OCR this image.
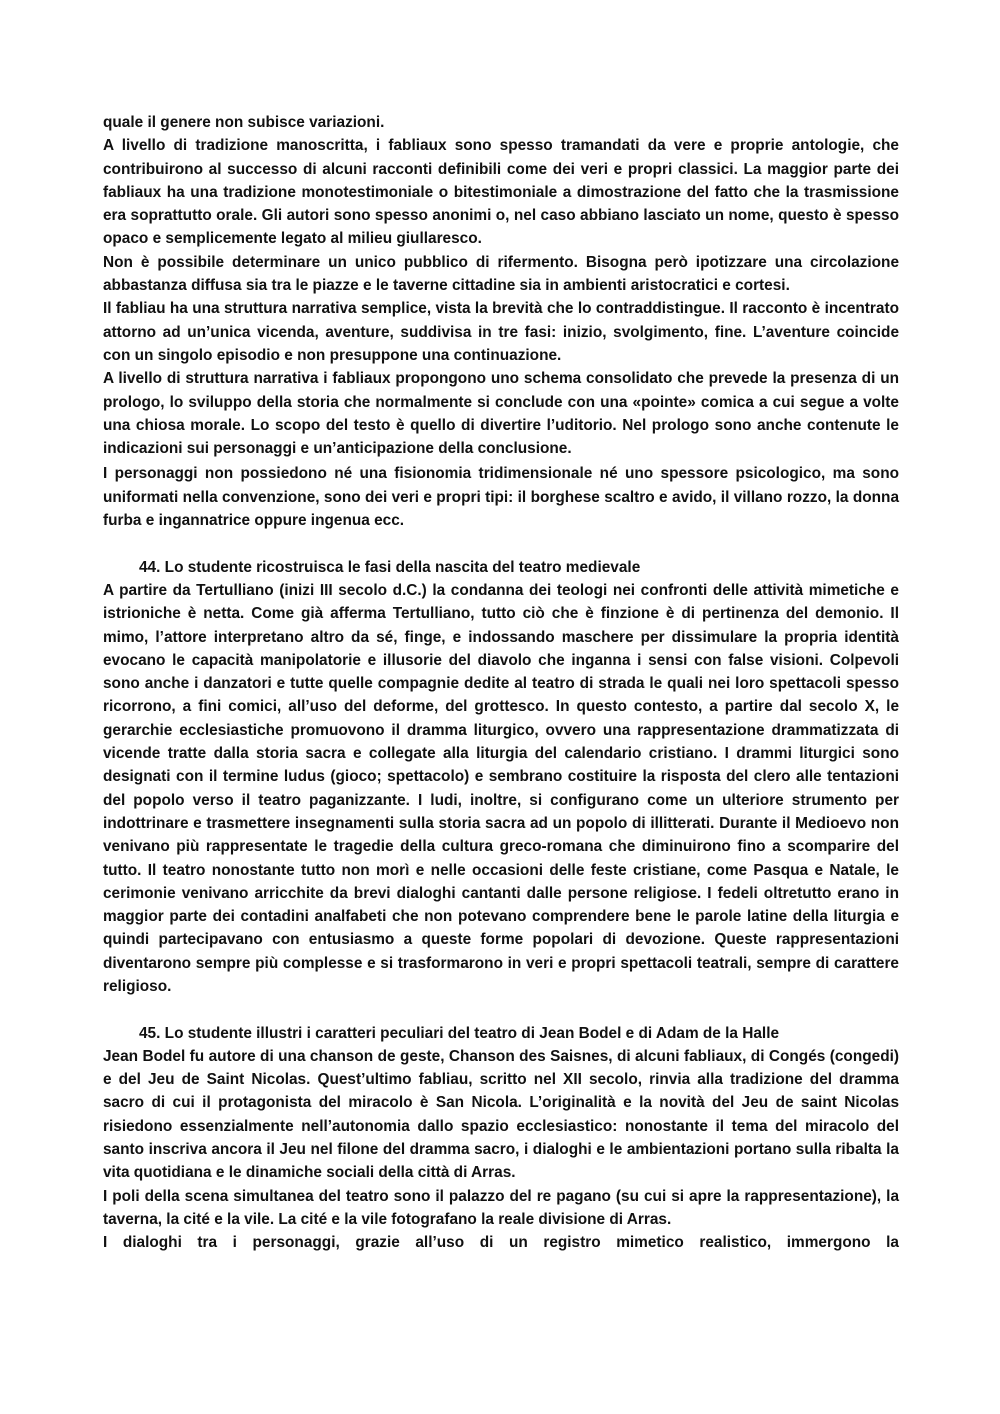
quale il genere non subisce variazioni.

A livello di tradizione manoscritta, i fabliaux sono spesso tramandati da vere e proprie antologie, che contribuirono al successo di alcuni racconti definibili come dei veri e propri classici. La maggior parte dei fabliaux ha una tradizione monotestimoniale o bitestimoniale a dimostrazione del fatto che la trasmissione era soprattutto orale. Gli autori sono spesso anonimi o, nel caso abbiano lasciato un nome, questo è spesso opaco e semplicemente legato al milieu giullaresco.

Non è possibile determinare un unico pubblico di rifermento. Bisogna però ipotizzare una circolazione abbastanza diffusa sia tra le piazze e le taverne cittadine sia in ambienti aristocratici e cortesi.

Il fabliau ha una struttura narrativa semplice, vista la brevità che lo contraddistingue. Il racconto è incentrato attorno ad un’unica vicenda, aventure, suddivisa in tre fasi: inizio, svolgimento, fine. L’aventure coincide con un singolo episodio e non presuppone una continuazione.

A livello di struttura narrativa i fabliaux propongono uno schema consolidato che prevede la presenza di un prologo, lo sviluppo della storia che normalmente si conclude con una «pointe» comica a cui segue a volte una chiosa morale. Lo scopo del testo è quello di divertire l’uditorio. Nel prologo sono anche contenute le indicazioni sui personaggi e un’anticipazione della conclusione.

I personaggi non possiedono né una fisionomia tridimensionale né uno spessore psicologico, ma sono uniformati nella convenzione, sono dei veri e propri tipi: il borghese scaltro e avido, il villano rozzo, la donna furba e ingannatrice oppure ingenua ecc.

44. Lo studente ricostruisca le fasi della nascita del teatro medievale

A partire da Tertulliano (inizi III secolo d.C.) la condanna dei teologi nei confronti delle attività mimetiche e istrioniche è netta. Come già afferma Tertulliano, tutto ciò che è finzione è di pertinenza del demonio. Il mimo, l’attore interpretano altro da sé, finge, e indossando maschere per dissimulare la propria identità evocano le capacità manipolatorie e illusorie del diavolo che inganna i sensi con false visioni. Colpevoli sono anche i danzatori e tutte quelle compagnie dedite al teatro di strada le quali nei loro spettacoli spesso ricorrono, a fini comici, all’uso del deforme, del grottesco. In questo contesto, a partire dal secolo X, le gerarchie ecclesiastiche promuovono il dramma liturgico, ovvero una rappresentazione drammatizzata di vicende tratte dalla storia sacra e collegate alla liturgia del calendario cristiano. I drammi liturgici sono designati con il termine ludus (gioco; spettacolo) e sembrano costituire la risposta del clero alle tentazioni del popolo verso il teatro paganizzante. I ludi, inoltre, si configurano come un ulteriore strumento per indottrinare e trasmettere insegnamenti sulla storia sacra ad un popolo di illitterati. Durante il Medioevo non venivano più rappresentate le tragedie della cultura greco-romana che diminuirono fino a scomparire del tutto. Il teatro nonostante tutto non morì e nelle occasioni delle feste cristiane, come Pasqua e Natale, le cerimonie venivano arricchite da brevi dialoghi cantanti dalle persone religiose. I fedeli oltretutto erano in maggior parte dei contadini analfabeti che non potevano comprendere bene le parole latine della liturgia e quindi partecipavano con entusiasmo a queste forme popolari di devozione. Queste rappresentazioni diventarono sempre più complesse e si trasformarono in veri e propri spettacoli teatrali, sempre di carattere religioso.

45. Lo studente illustri i caratteri peculiari del teatro di Jean Bodel e di Adam de la Halle

Jean Bodel fu autore di una chanson de geste, Chanson des Saisnes, di alcuni fabliaux, di Congés (congedi) e del Jeu de Saint Nicolas. Quest’ultimo fabliau, scritto nel XII secolo, rinvia alla tradizione del dramma sacro di cui il protagonista del miracolo è San Nicola. L’originalità e la novità del Jeu de saint Nicolas risiedono essenzialmente nell’autonomia dallo spazio ecclesiastico: nonostante il tema del miracolo del santo inscriva ancora il Jeu nel filone del dramma sacro, i dialoghi e le ambientazioni portano sulla ribalta la vita quotidiana e le dinamiche sociali della città di Arras.

I poli della scena simultanea del teatro sono il palazzo del re pagano (su cui si apre la rappresentazione), la taverna, la cité e la vile. La cité e la vile fotografano la reale divisione di Arras.

I dialoghi tra i personaggi, grazie all’uso di un registro mimetico realistico, immergono la
